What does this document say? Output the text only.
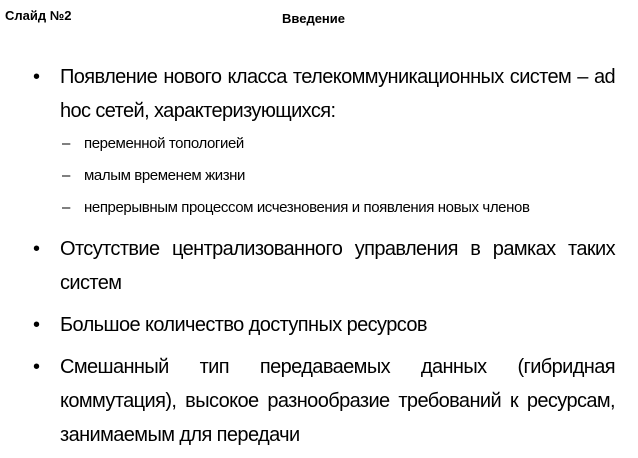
Слайд №2	Введение
• Появление нового класса телекоммуникационных систем – ad hoc сетей, характеризующихся:
– переменной топологией
– малым временем жизни
– непрерывным процессом исчезновения и появления новых членов
• Отсутствие централизованного управления в рамках таких систем
• Большое количество доступных ресурсов
• Смешанный тип передаваемых данных (гибридная коммутация), высокое разнообразие требований к ресурсам, занимаемым для передачи
